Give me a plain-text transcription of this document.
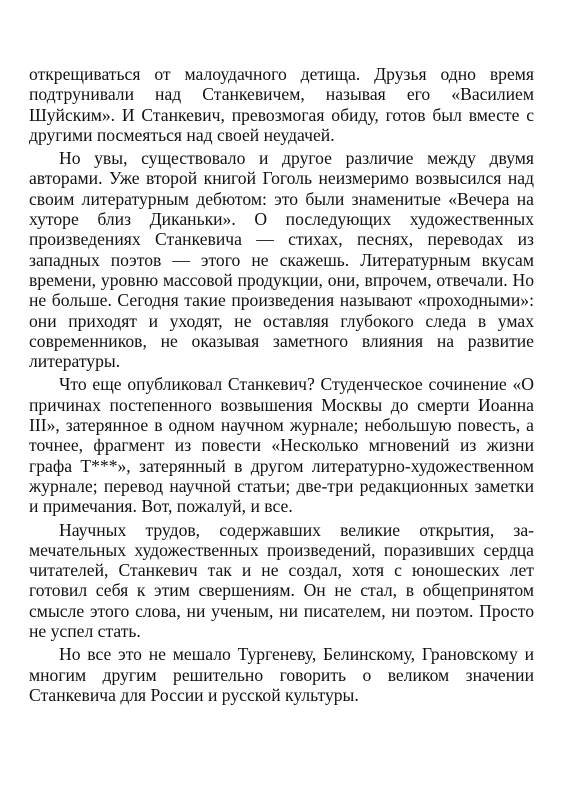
открещиваться от малоудачного детища. Друзья одно время подтрунивали над Станкевичем, называя его «Василием Шуйским». И Станкевич, превозмогая обиду, готов был вместе с другими посмеяться над своей неудачей.

Но увы, существовало и другое различие между двумя авторами. Уже второй книгой Гоголь неизмеримо возвысился над своим литературным дебютом: это были знаменитые «Вечера на хуторе близ Диканьки». О последующих художественных произведениях Станкевича — стихах, песнях, переводах из западных поэтов — этого не скажешь. Литературным вкусам времени, уровню массовой продукции, они, впрочем, отвечали. Но не больше. Сегодня такие произведения называют «проходными»: они приходят и уходят, не оставляя глубокого следа в умах современников, не оказывая заметного влияния на развитие литературы.

Что еще опубликовал Станкевич? Студенческое сочинение «О причинах постепенного возвышения Москвы до смерти Иоанна III», затерянное в одном научном журнале; небольшую повесть, а точнее, фрагмент из повести «Несколько мгновений из жизни графа Т***», затерянный в другом литературно-художественном журнале; перевод научной статьи; две-три редакционных заметки и примечания. Вот, пожалуй, и все.

Научных трудов, содержавших великие открытия, замечательных художественных произведений, поразивших сердца читателей, Станкевич так и не создал, хотя с юношеских лет готовил себя к этим свершениям. Он не стал, в общепринятом смысле этого слова, ни ученым, ни писателем, ни поэтом. Просто не успел стать.

Но все это не мешало Тургеневу, Белинскому, Грановскому и многим другим решительно говорить о великом значении Станкевича для России и русской культуры.
